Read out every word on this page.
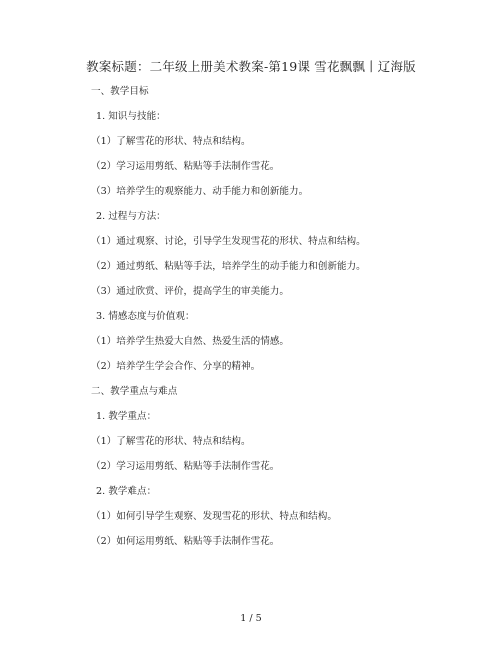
教案标题：二年级上册美术教案-第19课 雪花飘飘丨辽海版
一、教学目标
1. 知识与技能：
（1）了解雪花的形状、特点和结构。
（2）学习运用剪纸、粘贴等手法制作雪花。
（3）培养学生的观察能力、动手能力和创新能力。
2. 过程与方法：
（1）通过观察、讨论，引导学生发现雪花的形状、特点和结构。
（2）通过剪纸、粘贴等手法，培养学生的动手能力和创新能力。
（3）通过欣赏、评价，提高学生的审美能力。
3. 情感态度与价值观：
（1）培养学生热爱大自然、热爱生活的情感。
（2）培养学生学会合作、分享的精神。
二、教学重点与难点
1. 教学重点：
（1）了解雪花的形状、特点和结构。
（2）学习运用剪纸、粘贴等手法制作雪花。
2. 教学难点：
（1）如何引导学生观察、发现雪花的形状、特点和结构。
（2）如何运用剪纸、粘贴等手法制作雪花。
1 / 5
